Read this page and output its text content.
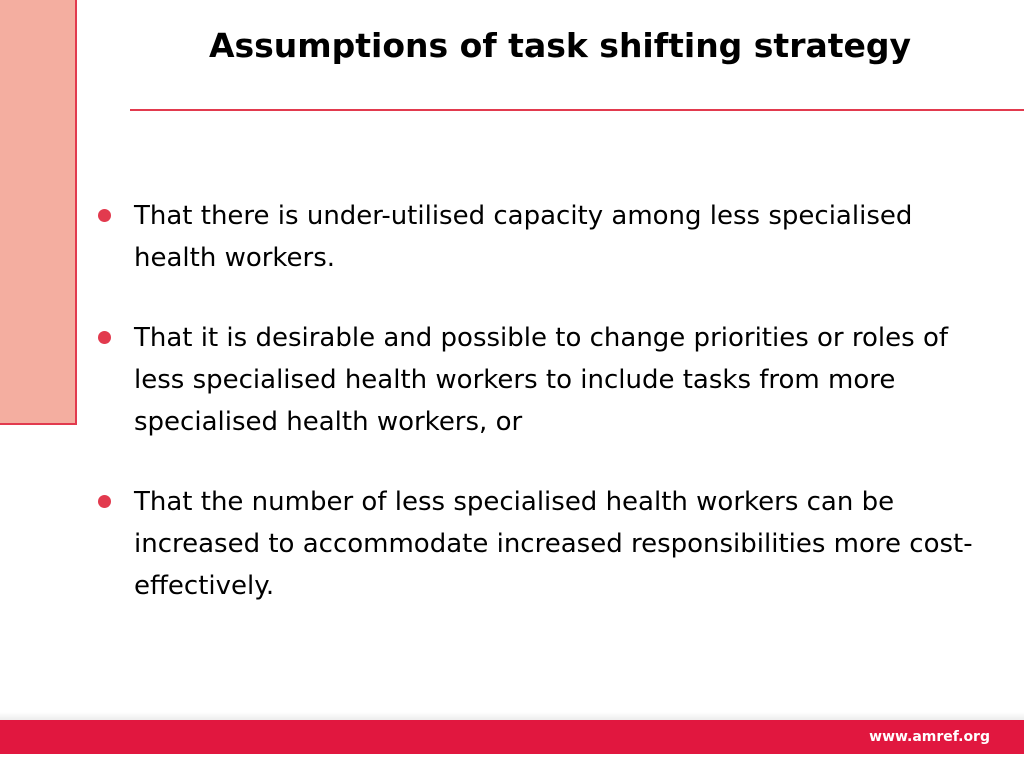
Assumptions of task shifting strategy
That there is under-utilised capacity among less specialised health workers.
That it is desirable and possible to change priorities or roles of less specialised health workers to include tasks from more specialised health workers, or
That the number of less specialised health workers can be increased to accommodate increased responsibilities more cost-effectively.
www.amref.org
